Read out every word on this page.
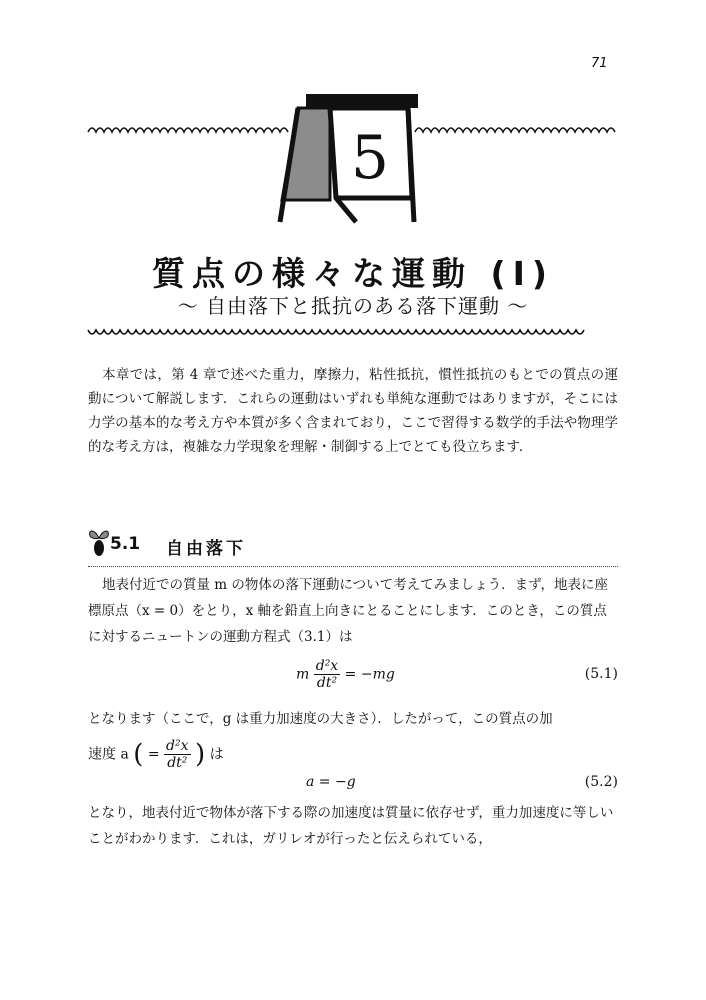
71
5
質点の様々な運動 (I)
〜 自由落下と抵抗のある落下運動 〜

本章では，第 4 章で述べた重力，摩擦力，粘性抵抗，慣性抵抗のもとでの質点の運動について解説します．これらの運動はいずれも単純な運動ではありますが，そこには力学の基本的な考え方や本質が多く含まれており，ここで習得する数学的手法や物理学的な考え方は，複雑な力学現象を理解・制御する上でとても役立ちます．

5.1 自由落下

地表付近での質量 m の物体の落下運動について考えてみましょう．まず，地表に座標原点（x = 0）をとり，x 軸を鉛直上向きにとることにします．このとき，この質点に対するニュートンの運動方程式（3.1）は

m $\frac{\text{d²x}}{\text{dt²}} = -mg$	(5.1)

となります（ここで，g は重力加速度の大きさ）．したがって，この質点の加

速度 a ( = $\frac{\text{d²x}}{\text{dt²}}$ ) は

a = −g	(5.2)

となり，地表付近で物体が落下する際の加速度は質量に依存せず，重力加速度に等しいことがわかります．これは，ガリレオが行ったと伝えられている，
